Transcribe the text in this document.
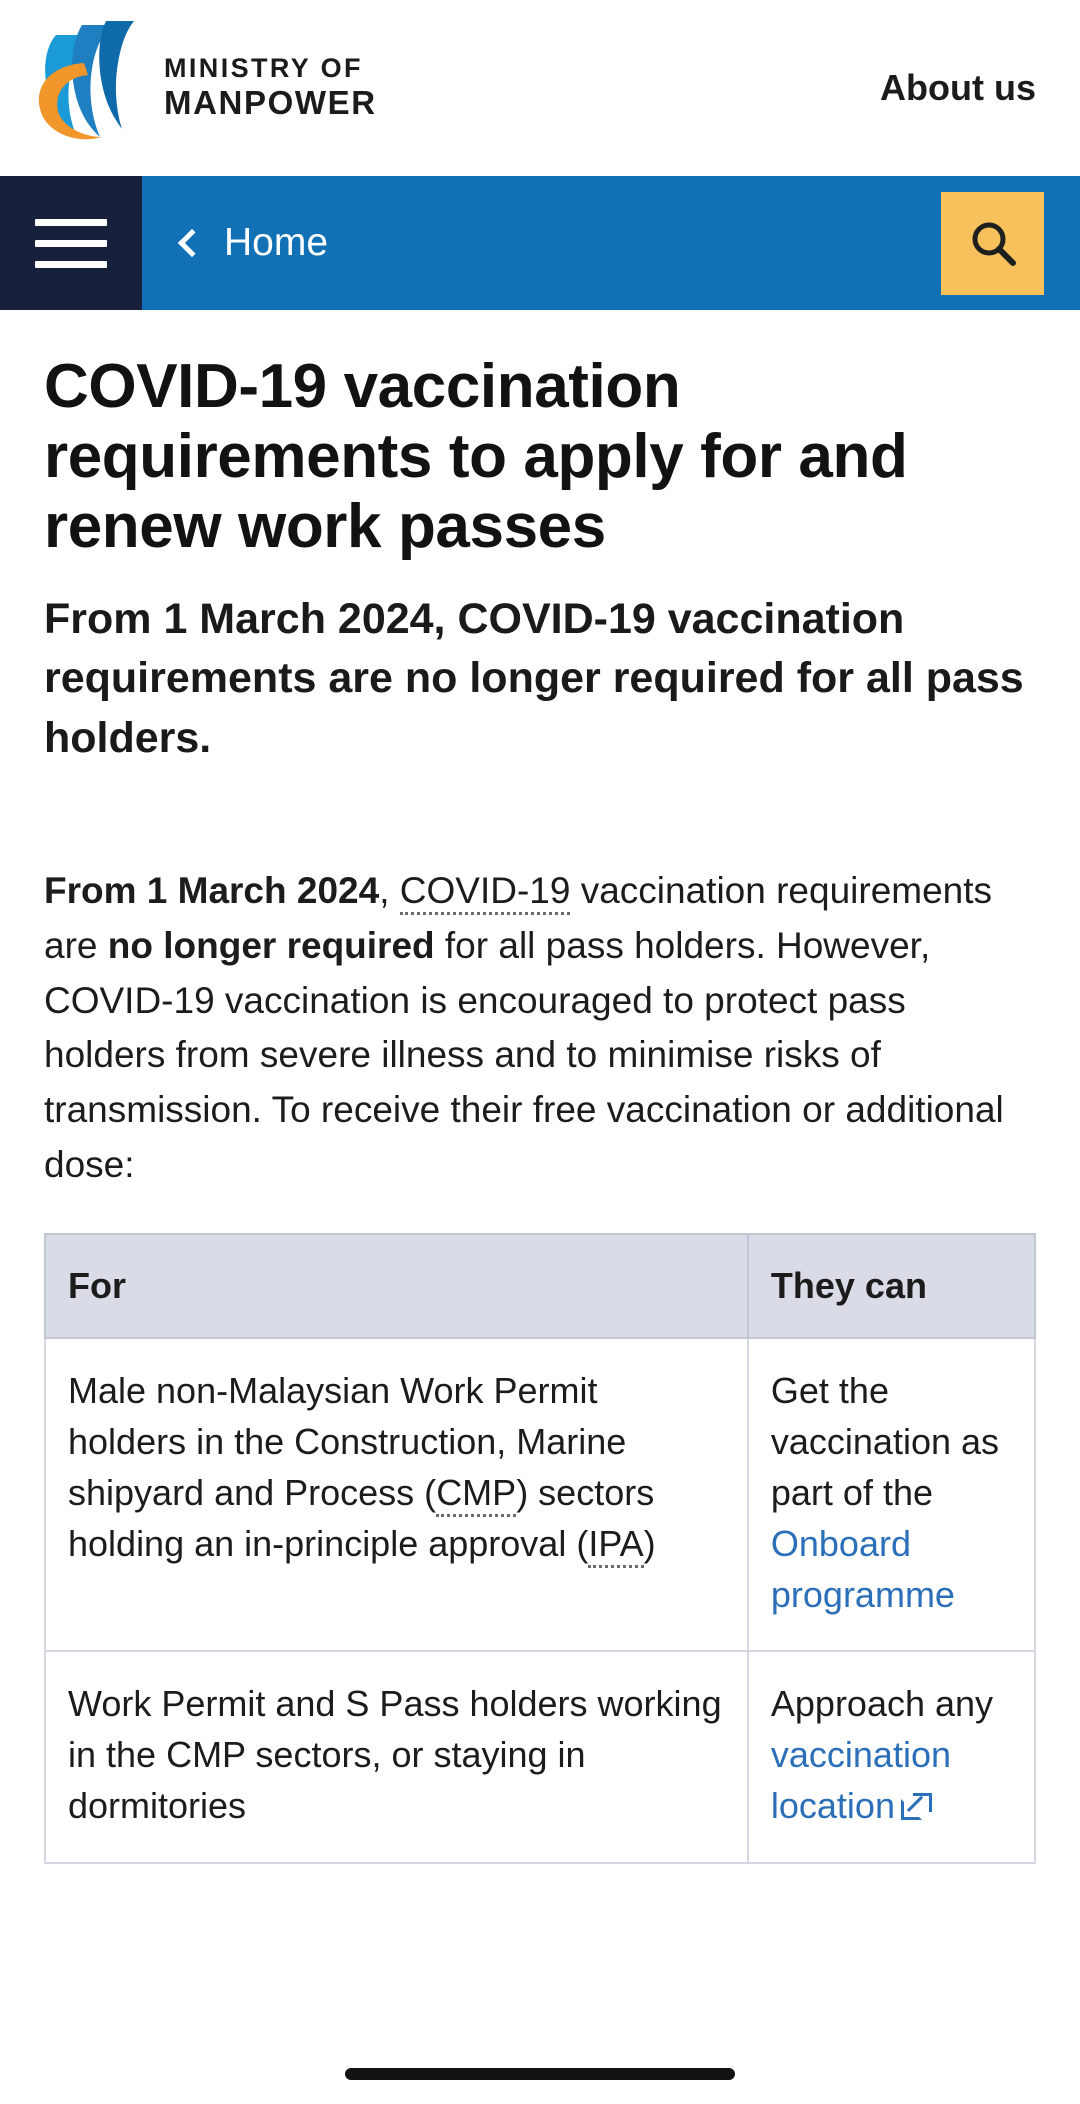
MINISTRY OF
MANPOWER	About us
Home
COVID-19 vaccination requirements to apply for and renew work passes

From 1 March 2024, COVID-19 vaccination requirements are no longer required for all pass holders.

From 1 March 2024, COVID-19 vaccination requirements are no longer required for all pass holders. However, COVID-19 vaccination is encouraged to protect pass holders from severe illness and to minimise risks of transmission. To receive their free vaccination or additional dose:

For	They can
Male non-Malaysian Work Permit holders in the Construction, Marine shipyard and Process (CMP) sectors holding an in-principle approval (IPA)	Get the vaccination as part of the Onboard programme
Work Permit and S Pass holders working in the CMP sectors, or staying in dormitories	Approach any vaccination location
